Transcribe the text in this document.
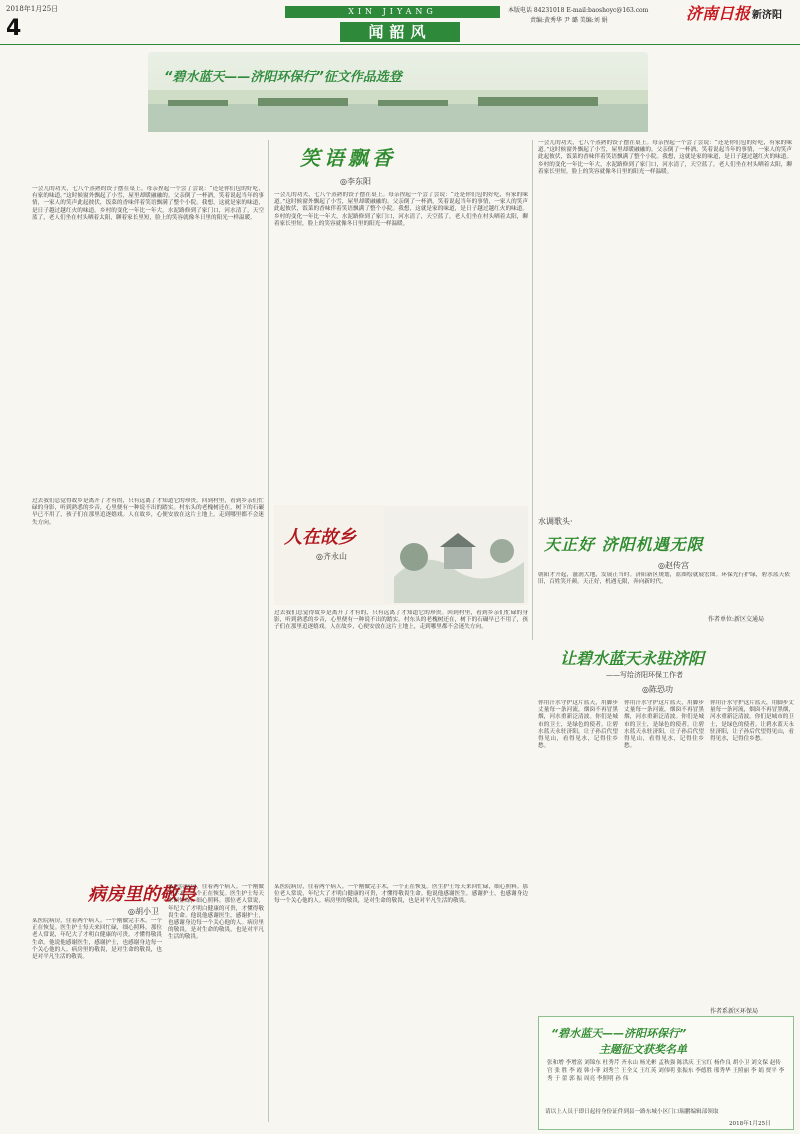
2018年1月25日
4
XIN JIYANG	本版电话 84231018 E-mail:baoshoyc@163.com
责编:黄秀华 尹 璐 美编:刘 娟	济南日报 新济阳
闻韶风
“碧水蓝天——济阳环保行”征文作品选登
笑语飘香
◎李东阳
一会儿的功夫，七八个蒸熟的饺子摆在桌上。母亲捏起一个尝了尝说：“还是你们包的好吃，有家的味道。”这时候窗外飘起了小雪，屋里却暖融融的。父亲倒了一杯酒，笑着说起当年的事情，一家人的笑声此起彼伏，饭菜的香味伴着笑语飘满了整个小院。我想，这就是家的味道，是日子越过越红火的味道。乡村的变化一年比一年大，水泥路修到了家门口，河水清了，天空蓝了，老人们坐在村头晒着太阳，聊着家长里短，脸上的笑容就像冬日里的阳光一样温暖。
一会儿的功夫，七八个蒸熟的饺子摆在桌上。母亲捏起一个尝了尝说：“还是你们包的好吃，有家的味道。”这时候窗外飘起了小雪，屋里却暖融融的。父亲倒了一杯酒，笑着说起当年的事情，一家人的笑声此起彼伏，饭菜的香味伴着笑语飘满了整个小院。我想，这就是家的味道，是日子越过越红火的味道。乡村的变化一年比一年大，水泥路修到了家门口，河水清了，天空蓝了，老人们坐在村头晒着太阳，聊着家长里短，脸上的笑容就像冬日里的阳光一样温暖。
一会儿的功夫，七八个蒸熟的饺子摆在桌上。母亲捏起一个尝了尝说：“还是你们包的好吃，有家的味道。”这时候窗外飘起了小雪，屋里却暖融融的。父亲倒了一杯酒，笑着说起当年的事情，一家人的笑声此起彼伏，饭菜的香味伴着笑语飘满了整个小院。我想，这就是家的味道，是日子越过越红火的味道。乡村的变化一年比一年大，水泥路修到了家门口，河水清了，天空蓝了，老人们坐在村头晒着太阳，聊着家长里短，脸上的笑容就像冬日里的阳光一样温暖。
过去我们总觉得故乡是离开了才有的，只有远离了才知道它的珍贵。回到村里，看到乡亲们忙碌的身影，听到熟悉的乡音，心里便有一种说不出的踏实。村东头的老槐树还在，树下的石碾早已不用了，孩子们在那里追逐嬉戏。人在故乡，心便安放在这片土地上，走到哪里都不会迷失方向。
人在故乡
◎齐永山
过去我们总觉得故乡是离开了才有的，只有远离了才知道它的珍贵。回到村里，看到乡亲们忙碌的身影，听到熟悉的乡音，心里便有一种说不出的踏实。村东头的老槐树还在，树下的石碾早已不用了，孩子们在那里追逐嬉戏。人在故乡，心便安放在这片土地上，走到哪里都不会迷失方向。
病房里的敬畏
◎胡小卫
某医院病房，住着两个病人。一个刚做完手术，一个正在恢复。医生护士每天来回忙碌，细心照料。那位老人常说，年纪大了才明白健康的可贵，才懂得敬畏生命。他说他感谢医生，感谢护士，也感谢身边每一个关心他的人。病房里的敬畏，是对生命的敬畏，也是对平凡生活的敬畏。
某医院病房，住着两个病人。一个刚做完手术，一个正在恢复。医生护士每天来回忙碌，细心照料。那位老人常说，年纪大了才明白健康的可贵，才懂得敬畏生命。他说他感谢医生，感谢护士，也感谢身边每一个关心他的人。病房里的敬畏，是对生命的敬畏，也是对平凡生活的敬畏。
某医院病房，住着两个病人。一个刚做完手术，一个正在恢复。医生护士每天来回忙碌，细心照料。那位老人常说，年纪大了才明白健康的可贵，才懂得敬畏生命。他说他感谢医生，感谢护士，也感谢身边每一个关心他的人。病房里的敬畏，是对生命的敬畏，也是对平凡生活的敬畏。
水调歌头·
天正好 济阳机遇无限
◎赵传宫
朝阳才升起，滋润大地，发展正当时。济阳新区规划，蓝图绘就展宏图。环保先行护绿，碧水蓝天依旧，百姓笑开颜。天正好，机遇无限，奔向新时代。
作者单位:新区交通局
让碧水蓝天永驻济阳
——写给济阳环保工作者
◎陈恐功
你用汗水守护这片蓝天，用脚步丈量每一条河流，烟囱不再冒黑烟，河水重新泛清波。你们是城市的卫士，是绿色的使者。让碧水蓝天永驻济阳，让子孙后代望得见山，看得见水，记得住乡愁。
你用汗水守护这片蓝天，用脚步丈量每一条河流，烟囱不再冒黑烟，河水重新泛清波。你们是城市的卫士，是绿色的使者。让碧水蓝天永驻济阳，让子孙后代望得见山，看得见水，记得住乡愁。
你用汗水守护这片蓝天，用脚步丈量每一条河流，烟囱不再冒黑烟，河水重新泛清波。你们是城市的卫士，是绿色的使者。让碧水蓝天永驻济阳，让子孙后代望得见山，看得见水，记得住乡愁。
作者系新区环保局
“碧水蓝天——济阳环保行”
主题征文获奖名单
张和增 李增富 刘锦东 杜秀芹 齐永山 杨光彬 孟秋强 陈洪庆 王宝红 杨作良 胡小卫 刘文保 赵传宫 张 胜 李 霞 韩小菲 刘秀兰 王全义 王红英 刘伟明 张振东 李德胜 邢秀华 王照丽 李 娟 贾平 李秀 于 蕾 郭 振 周亮 李照明 孙 伟
请以上人员于即日起持身份证件到县一路东城小区门口瑞鹏编辑部领取
2018年1月25日
